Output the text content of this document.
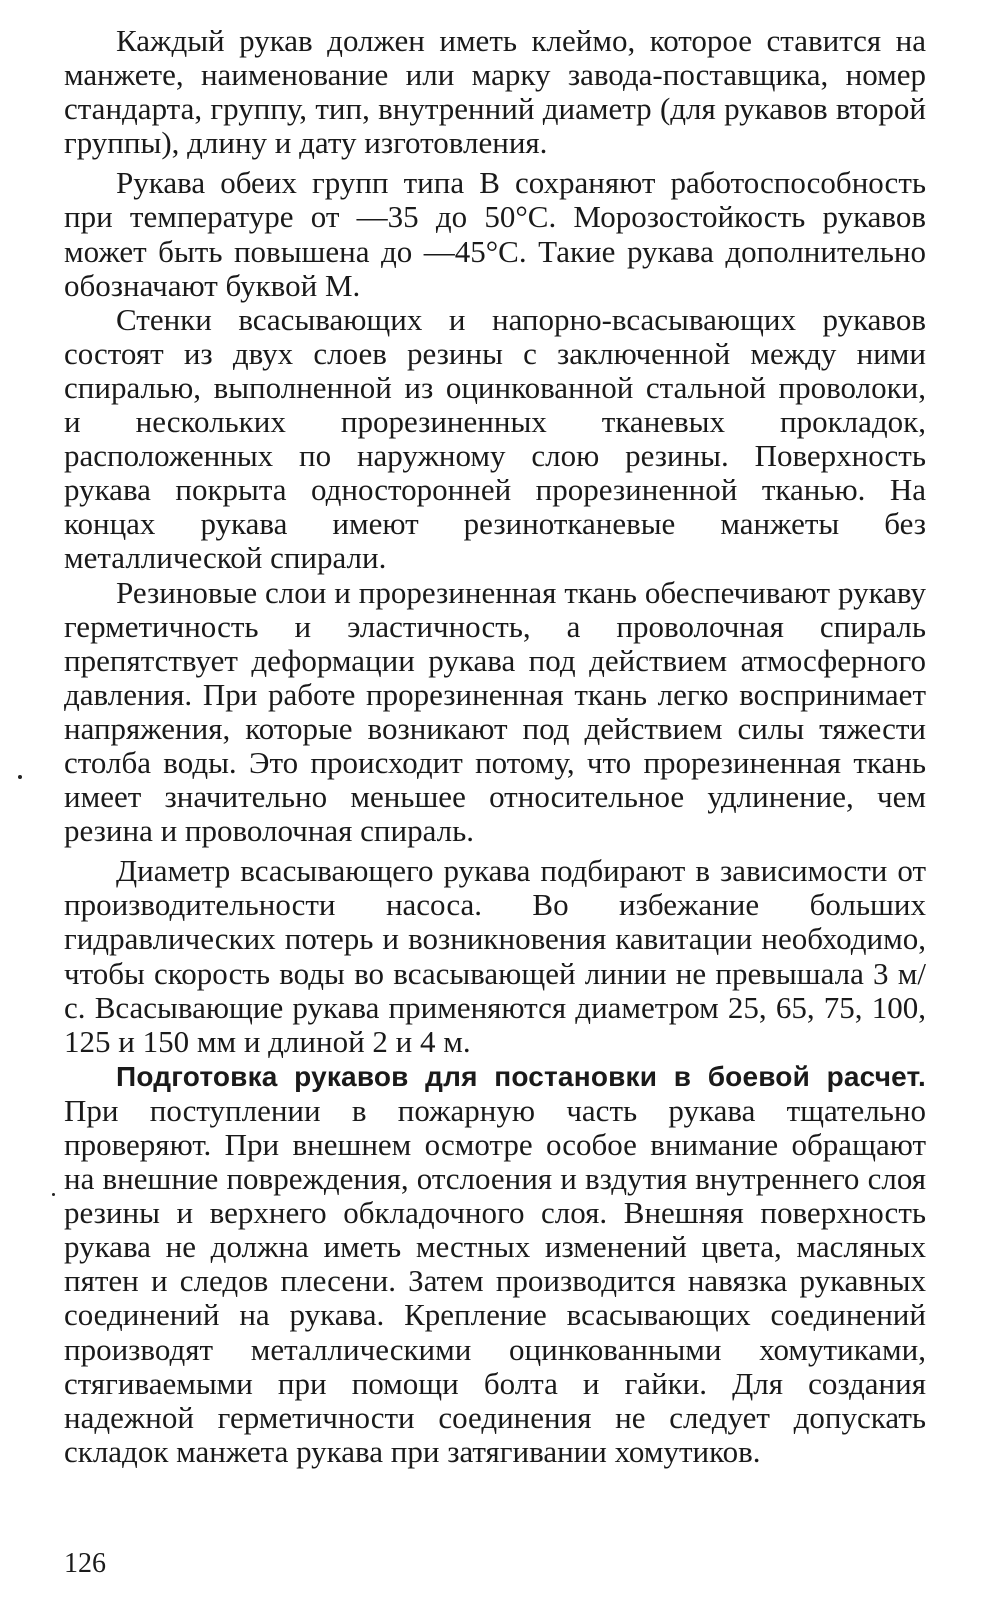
Каждый рукав должен иметь клеймо, которое ставится на манжете, наименование или марку завода-поставщика, номер стандарта, группу, тип, внутренний диаметр (для рукавов второй группы), длину и дату изготовления.

Рукава обеих групп типа В сохраняют работоспособность при температуре от —35 до 50°С. Морозостойкость рукавов может быть повышена до —45°С. Такие рукава дополнительно обозначают буквой М.

Стенки всасывающих и напорно-всасывающих рукавов состоят из двух слоев резины с заключенной между ними спиралью, выполненной из оцинкованной стальной проволоки, и нескольких прорезиненных тканевых прокладок, расположенных по наружному слою резины. Поверхность рукава покрыта односторонней прорезиненной тканью. На концах рукава имеют резинотканевые манжеты без металлической спирали.

Резиновые слои и прорезиненная ткань обеспечивают рукаву герметичность и эластичность, а проволочная спираль препятствует деформации рукава под действием атмосферного давления. При работе прорезиненная ткань легко воспринимает напряжения, которые возникают под действием силы тяжести столба воды. Это происходит потому, что прорезиненная ткань имеет значительно меньшее относительное удлинение, чем резина и проволочная спираль.

Диаметр всасывающего рукава подбирают в зависимости от производительности насоса. Во избежание больших гидравлических потерь и возникновения кавитации необходимо, чтобы скорость воды во всасывающей линии не превышала 3 м/с. Всасывающие рукава применяются диаметром 25, 65, 75, 100, 125 и 150 мм и длиной 2 и 4 м.

Подготовка рукавов для постановки в боевой расчет. При поступлении в пожарную часть рукава тщательно проверяют. При внешнем осмотре особое внимание обращают на внешние повреждения, отслоения и вздутия внутреннего слоя резины и верхнего обкладочного слоя. Внешняя поверхность рукава не должна иметь местных изменений цвета, масляных пятен и следов плесени. Затем производится навязка рукавных соединений на рукава. Крепление всасывающих соединений производят металлическими оцинкованными хомутиками, стягиваемыми при помощи болта и гайки. Для создания надежной герметичности соединения не следует допускать складок манжета рукава при затягивании хомутиков.

126
